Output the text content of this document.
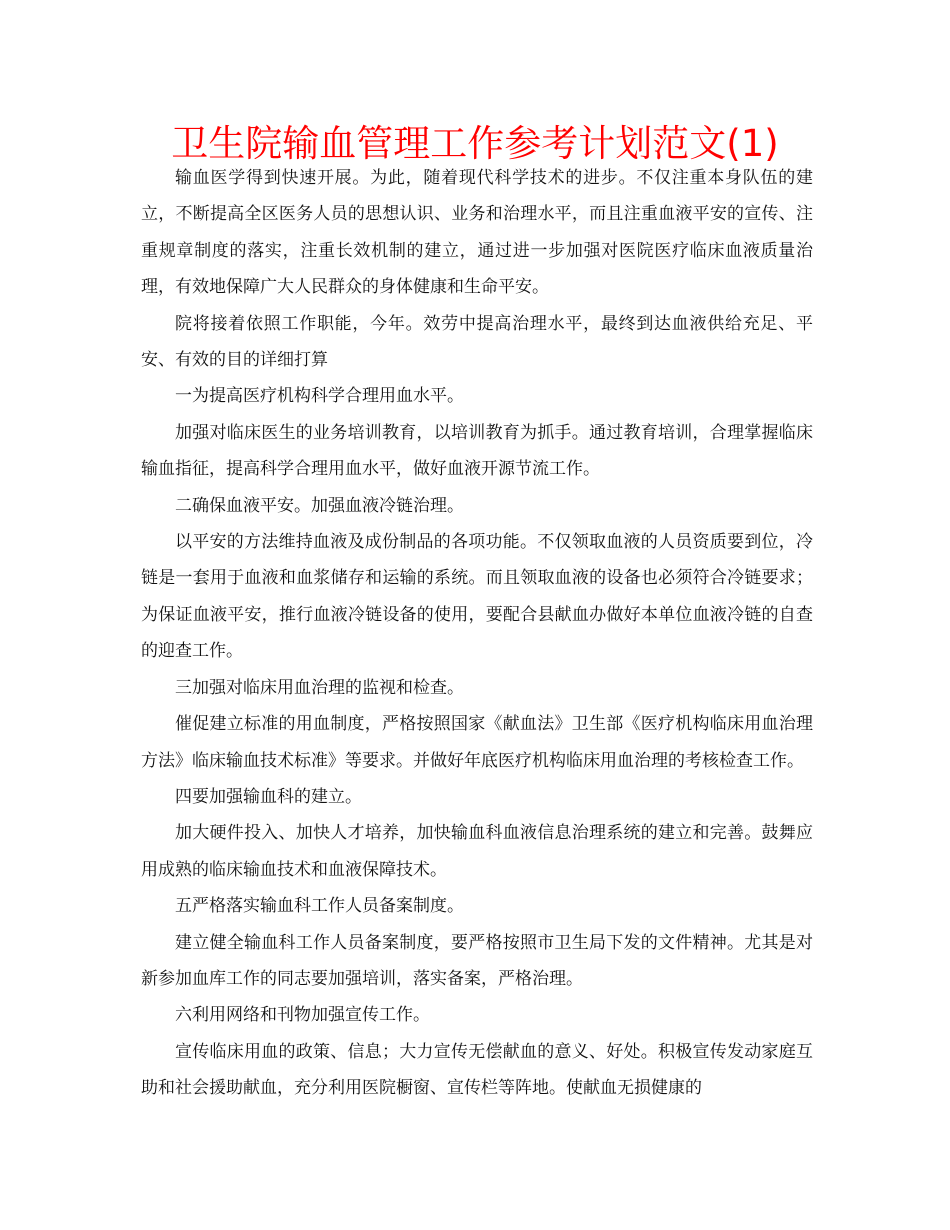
卫生院输血管理工作参考计划范文(1)

输血医学得到快速开展。为此，随着现代科学技术的进步。不仅注重本身队伍的建立，不断提高全区医务人员的思想认识、业务和治理水平，而且注重血液平安的宣传、注重规章制度的落实，注重长效机制的建立，通过进一步加强对医院医疗临床血液质量治理，有效地保障广大人民群众的身体健康和生命平安。

院将接着依照工作职能，今年。效劳中提高治理水平，最终到达血液供给充足、平安、有效的目的详细打算

一为提高医疗机构科学合理用血水平。

加强对临床医生的业务培训教育，以培训教育为抓手。通过教育培训，合理掌握临床输血指征，提高科学合理用血水平，做好血液开源节流工作。

二确保血液平安。加强血液冷链治理。

以平安的方法维持血液及成份制品的各项功能。不仅领取血液的人员资质要到位，冷链是一套用于血液和血浆储存和运输的系统。而且领取血液的设备也必须符合冷链要求；为保证血液平安，推行血液冷链设备的使用，要配合县献血办做好本单位血液冷链的自查的迎查工作。

三加强对临床用血治理的监视和检查。

催促建立标准的用血制度，严格按照国家《献血法》卫生部《医疗机构临床用血治理方法》临床输血技术标准》等要求。并做好年底医疗机构临床用血治理的考核检查工作。

四要加强输血科的建立。

加大硬件投入、加快人才培养，加快输血科血液信息治理系统的建立和完善。鼓舞应用成熟的临床输血技术和血液保障技术。

五严格落实输血科工作人员备案制度。

建立健全输血科工作人员备案制度，要严格按照市卫生局下发的文件精神。尤其是对新参加血库工作的同志要加强培训，落实备案，严格治理。

六利用网络和刊物加强宣传工作。

宣传临床用血的政策、信息；大力宣传无偿献血的意义、好处。积极宣传发动家庭互助和社会援助献血，充分利用医院橱窗、宣传栏等阵地。使献血无损健康的
